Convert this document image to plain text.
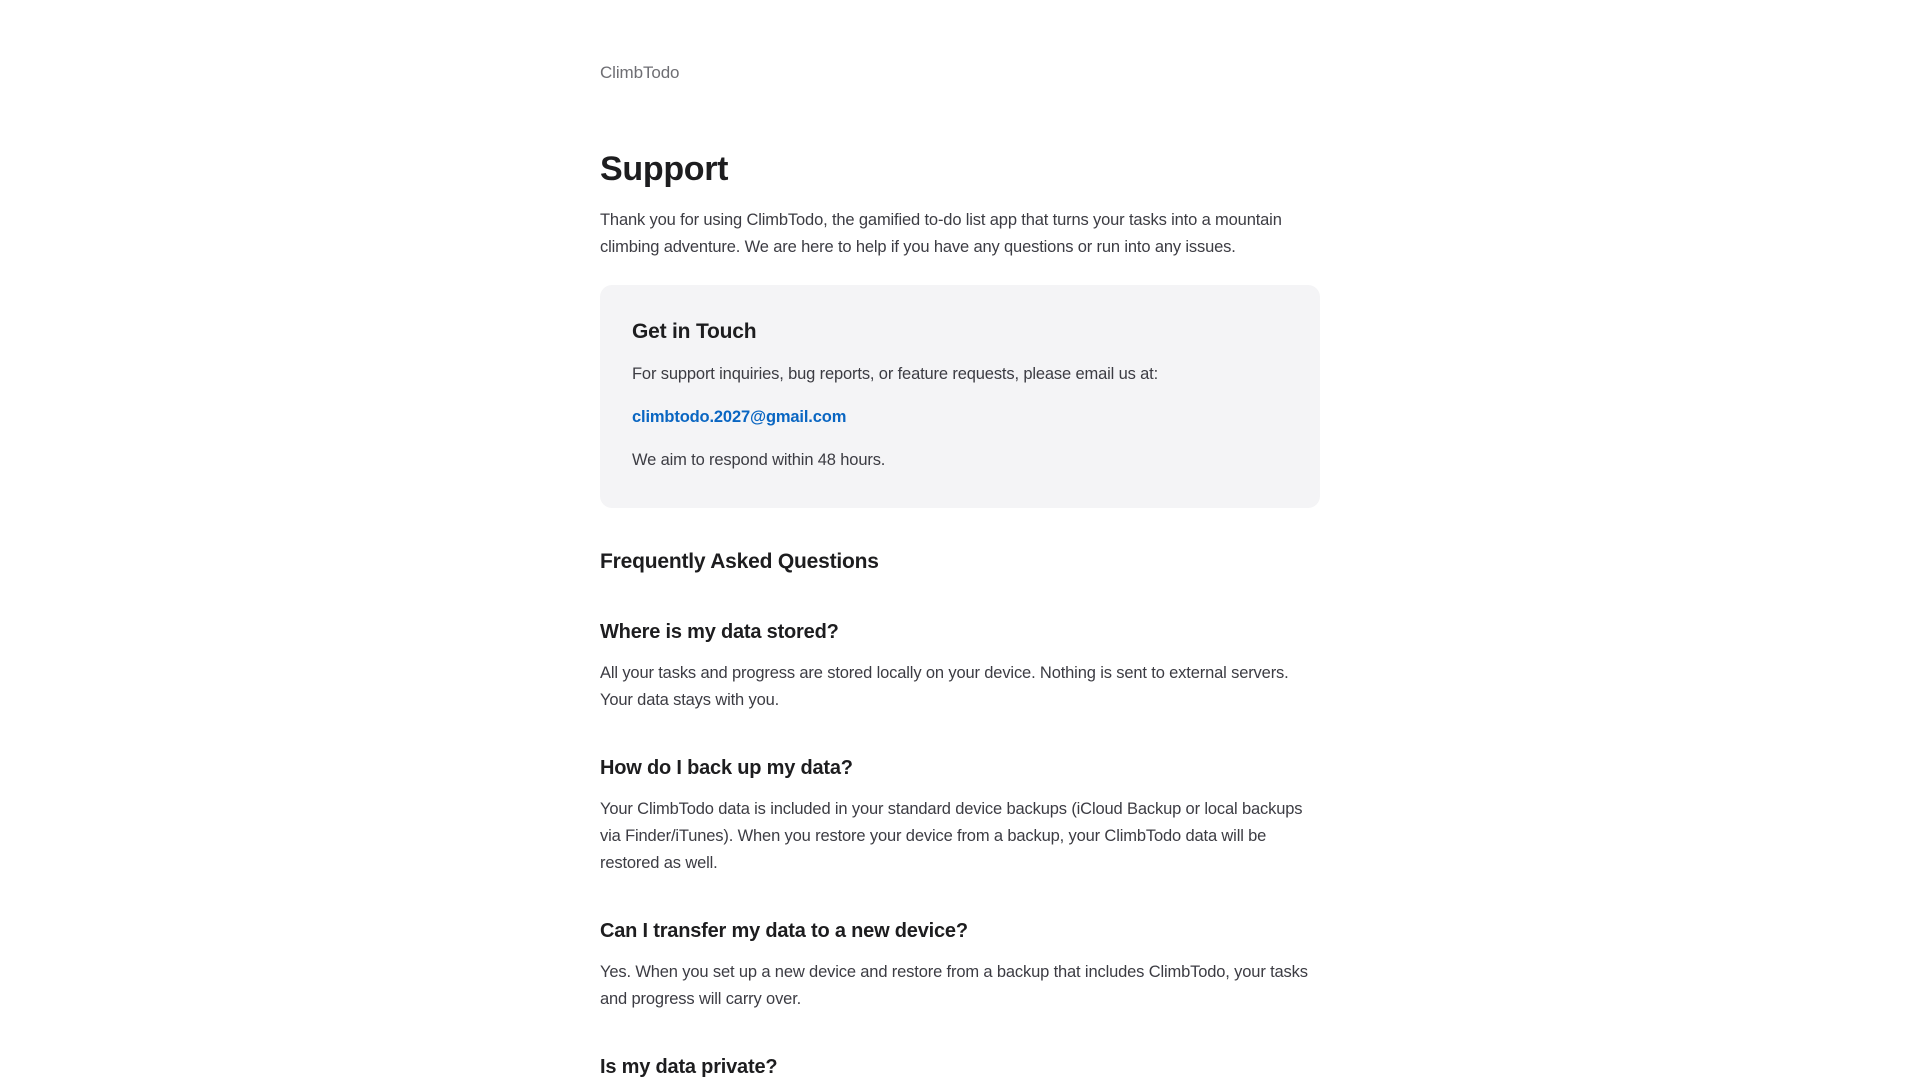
ClimbTodo
Support

Thank you for using ClimbTodo, the gamified to-do list app that turns your tasks into a mountain climbing adventure. We are here to help if you have any questions or run into any issues.

Get in Touch

For support inquiries, bug reports, or feature requests, please email us at:

climbtodo.2027@gmail.com

We aim to respond within 48 hours.

Frequently Asked Questions
Where is my data stored?

All your tasks and progress are stored locally on your device. Nothing is sent to external servers. Your data stays with you.

How do I back up my data?

Your ClimbTodo data is included in your standard device backups (iCloud Backup or local backups via Finder/iTunes). When you restore your device from a backup, your ClimbTodo data will be restored as well.

Can I transfer my data to a new device?

Yes. When you set up a new device and restore from a backup that includes ClimbTodo, your tasks and progress will carry over.

Is my data private?
